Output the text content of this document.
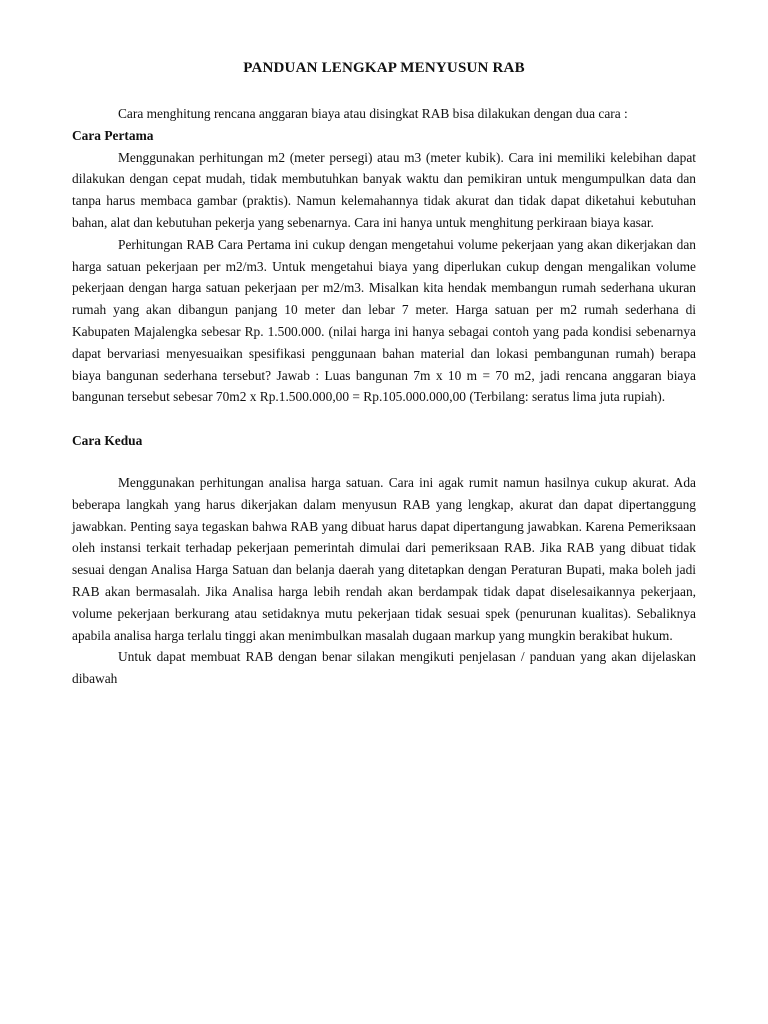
PANDUAN LENGKAP MENYUSUN RAB

Cara menghitung rencana anggaran biaya atau disingkat RAB bisa dilakukan dengan dua cara :

Cara Pertama

Menggunakan perhitungan m2 (meter persegi) atau m3 (meter kubik). Cara ini memiliki kelebihan dapat dilakukan dengan cepat mudah, tidak membutuhkan banyak waktu dan pemikiran untuk mengumpulkan data dan tanpa harus membaca gambar (praktis). Namun kelemahannya tidak akurat dan tidak dapat diketahui kebutuhan bahan, alat dan kebutuhan pekerja yang sebenarnya. Cara ini hanya untuk menghitung perkiraan biaya kasar.

Perhitungan RAB Cara Pertama ini cukup dengan mengetahui volume pekerjaan yang akan dikerjakan dan harga satuan pekerjaan per m2/m3. Untuk mengetahui biaya yang diperlukan cukup dengan mengalikan volume pekerjaan dengan harga satuan pekerjaan per m2/m3. Misalkan kita hendak membangun rumah sederhana ukuran rumah yang akan dibangun panjang 10 meter dan lebar 7 meter. Harga satuan per m2 rumah sederhana di Kabupaten Majalengka sebesar Rp. 1.500.000. (nilai harga ini hanya sebagai contoh yang pada kondisi sebenarnya dapat bervariasi menyesuaikan spesifikasi penggunaan bahan material dan lokasi pembangunan rumah) berapa biaya bangunan sederhana tersebut? Jawab : Luas bangunan 7m x 10 m = 70 m2, jadi rencana anggaran biaya bangunan tersebut sebesar 70m2 x Rp.1.500.000,00 = Rp.105.000.000,00 (Terbilang: seratus lima juta rupiah).

Cara Kedua

Menggunakan perhitungan analisa harga satuan. Cara ini agak rumit namun hasilnya cukup akurat. Ada beberapa langkah yang harus dikerjakan dalam menyusun RAB yang lengkap, akurat dan dapat dipertanggung jawabkan. Penting saya tegaskan bahwa RAB yang dibuat harus dapat dipertangung jawabkan. Karena Pemeriksaan oleh instansi terkait terhadap pekerjaan pemerintah dimulai dari pemeriksaan RAB. Jika RAB yang dibuat tidak sesuai dengan Analisa Harga Satuan dan belanja daerah yang ditetapkan dengan Peraturan Bupati, maka boleh jadi RAB akan bermasalah. Jika Analisa harga lebih rendah akan berdampak tidak dapat diselesaikannya pekerjaan, volume pekerjaan berkurang atau setidaknya mutu pekerjaan tidak sesuai spek (penurunan kualitas). Sebaliknya apabila analisa harga terlalu tinggi akan menimbulkan masalah dugaan markup yang mungkin berakibat hukum.

Untuk dapat membuat RAB dengan benar silakan mengikuti penjelasan / panduan yang akan dijelaskan dibawah
